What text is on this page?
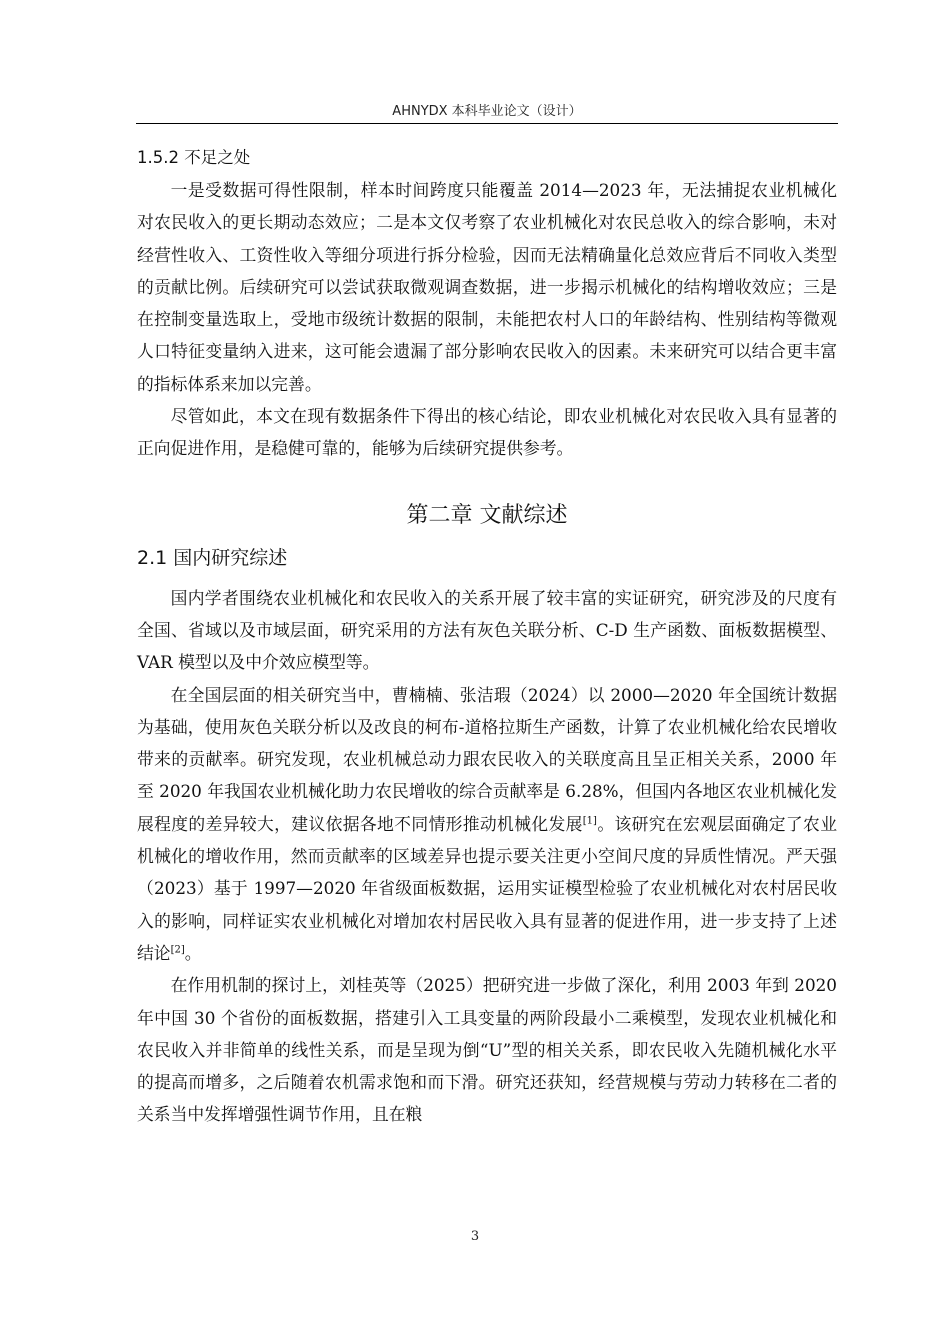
AHNYDX 本科毕业论文（设计）
1.5.2 不足之处

一是受数据可得性限制，样本时间跨度只能覆盖 2014—2023 年，无法捕捉农业机械化对农民收入的更长期动态效应；二是本文仅考察了农业机械化对农民总收入的综合影响，未对经营性收入、工资性收入等细分项进行拆分检验，因而无法精确量化总效应背后不同收入类型的贡献比例。后续研究可以尝试获取微观调查数据，进一步揭示机械化的结构增收效应；三是在控制变量选取上，受地市级统计数据的限制，未能把农村人口的年龄结构、性别结构等微观人口特征变量纳入进来，这可能会遗漏了部分影响农民收入的因素。未来研究可以结合更丰富的指标体系来加以完善。

尽管如此，本文在现有数据条件下得出的核心结论，即农业机械化对农民收入具有显著的正向促进作用，是稳健可靠的，能够为后续研究提供参考。

第二章 文献综述
2.1 国内研究综述

国内学者围绕农业机械化和农民收入的关系开展了较丰富的实证研究，研究涉及的尺度有全国、省域以及市域层面，研究采用的方法有灰色关联分析、C-D 生产函数、面板数据模型、VAR 模型以及中介效应模型等。

在全国层面的相关研究当中，曹楠楠、张洁瑕（2024）以 2000—2020 年全国统计数据为基础，使用灰色关联分析以及改良的柯布-道格拉斯生产函数，计算了农业机械化给农民增收带来的贡献率。研究发现，农业机械总动力跟农民收入的关联度高且呈正相关关系，2000 年至 2020 年我国农业机械化助力农民增收的综合贡献率是 6.28%，但国内各地区农业机械化发展程度的差异较大，建议依据各地不同情形推动机械化发展[1]。该研究在宏观层面确定了农业机械化的增收作用，然而贡献率的区域差异也提示要关注更小空间尺度的异质性情况。严天强（2023）基于 1997—2020 年省级面板数据，运用实证模型检验了农业机械化对农村居民收入的影响，同样证实农业机械化对增加农村居民收入具有显著的促进作用，进一步支持了上述结论[2]。

在作用机制的探讨上，刘桂英等（2025）把研究进一步做了深化，利用 2003 年到 2020 年中国 30 个省份的面板数据，搭建引入工具变量的两阶段最小二乘模型，发现农业机械化和农民收入并非简单的线性关系，而是呈现为倒“U”型的相关关系，即农民收入先随机械化水平的提高而增多，之后随着农机需求饱和而下滑。研究还获知，经营规模与劳动力转移在二者的关系当中发挥增强性调节作用，且在粮

3
